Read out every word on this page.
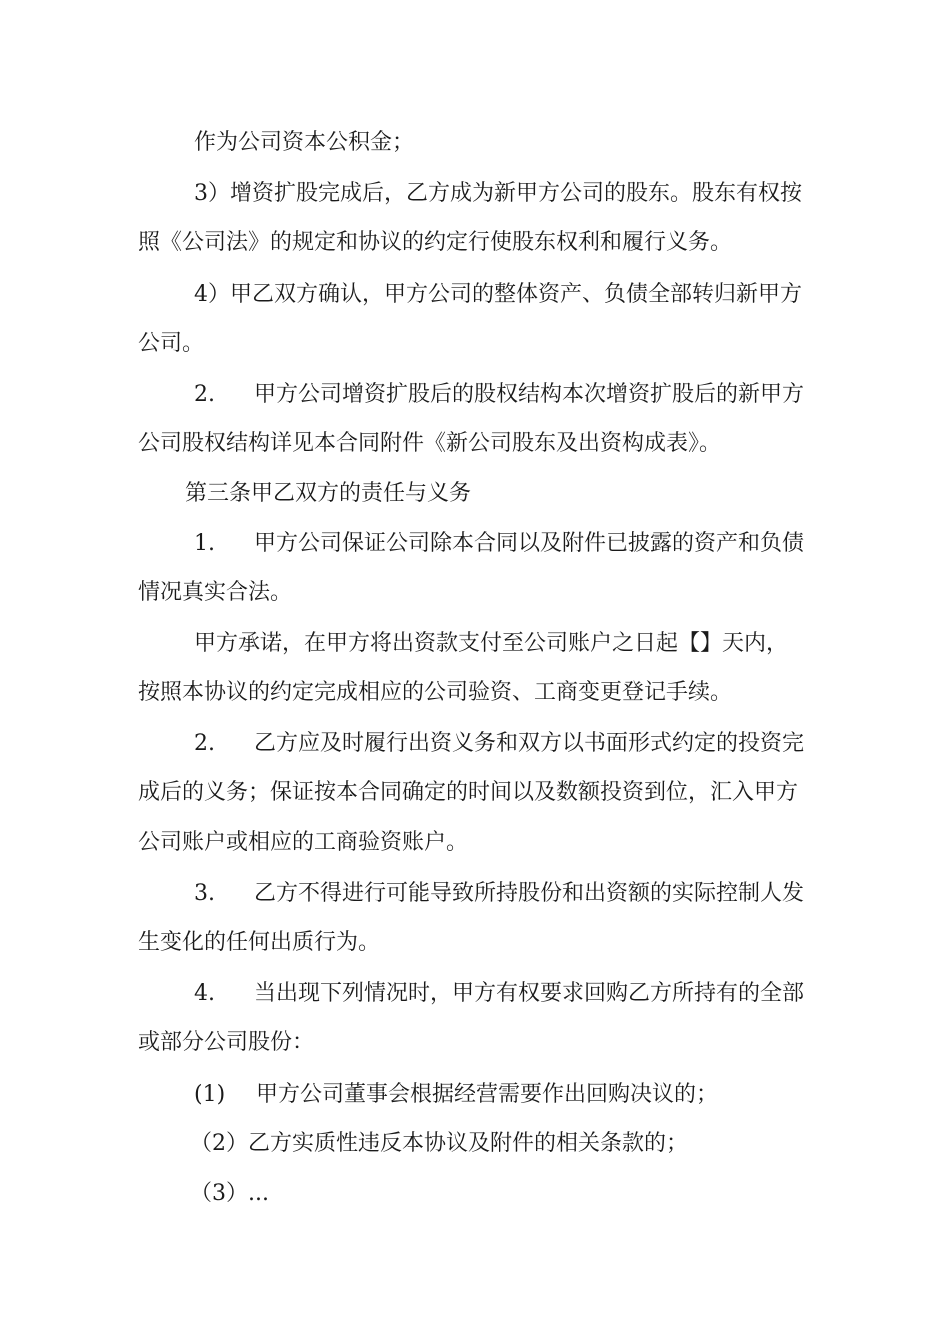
作为公司资本公积金；
3）增资扩股完成后，乙方成为新甲方公司的股东。股东有权按
照《公司法》的规定和协议的约定行使股东权利和履行义务。
4）甲乙双方确认，甲方公司的整体资产、负债全部转归新甲方
公司。
2. 甲方公司增资扩股后的股权结构本次增资扩股后的新甲方
公司股权结构详见本合同附件《新公司股东及出资构成表》。
第三条甲乙双方的责任与义务
1. 甲方公司保证公司除本合同以及附件已披露的资产和负债
情况真实合法。
甲方承诺，在甲方将出资款支付至公司账户之日起【】天内，
按照本协议的约定完成相应的公司验资、工商变更登记手续。
2. 乙方应及时履行出资义务和双方以书面形式约定的投资完
成后的义务；保证按本合同确定的时间以及数额投资到位，汇入甲方
公司账户或相应的工商验资账户。
3. 乙方不得进行可能导致所持股份和出资额的实际控制人发
生变化的任何出质行为。
4. 当出现下列情况时，甲方有权要求回购乙方所持有的全部
或部分公司股份：
(1) 甲方公司董事会根据经营需要作出回购决议的；
（2）乙方实质性违反本协议及附件的相关条款的；
（3）...
